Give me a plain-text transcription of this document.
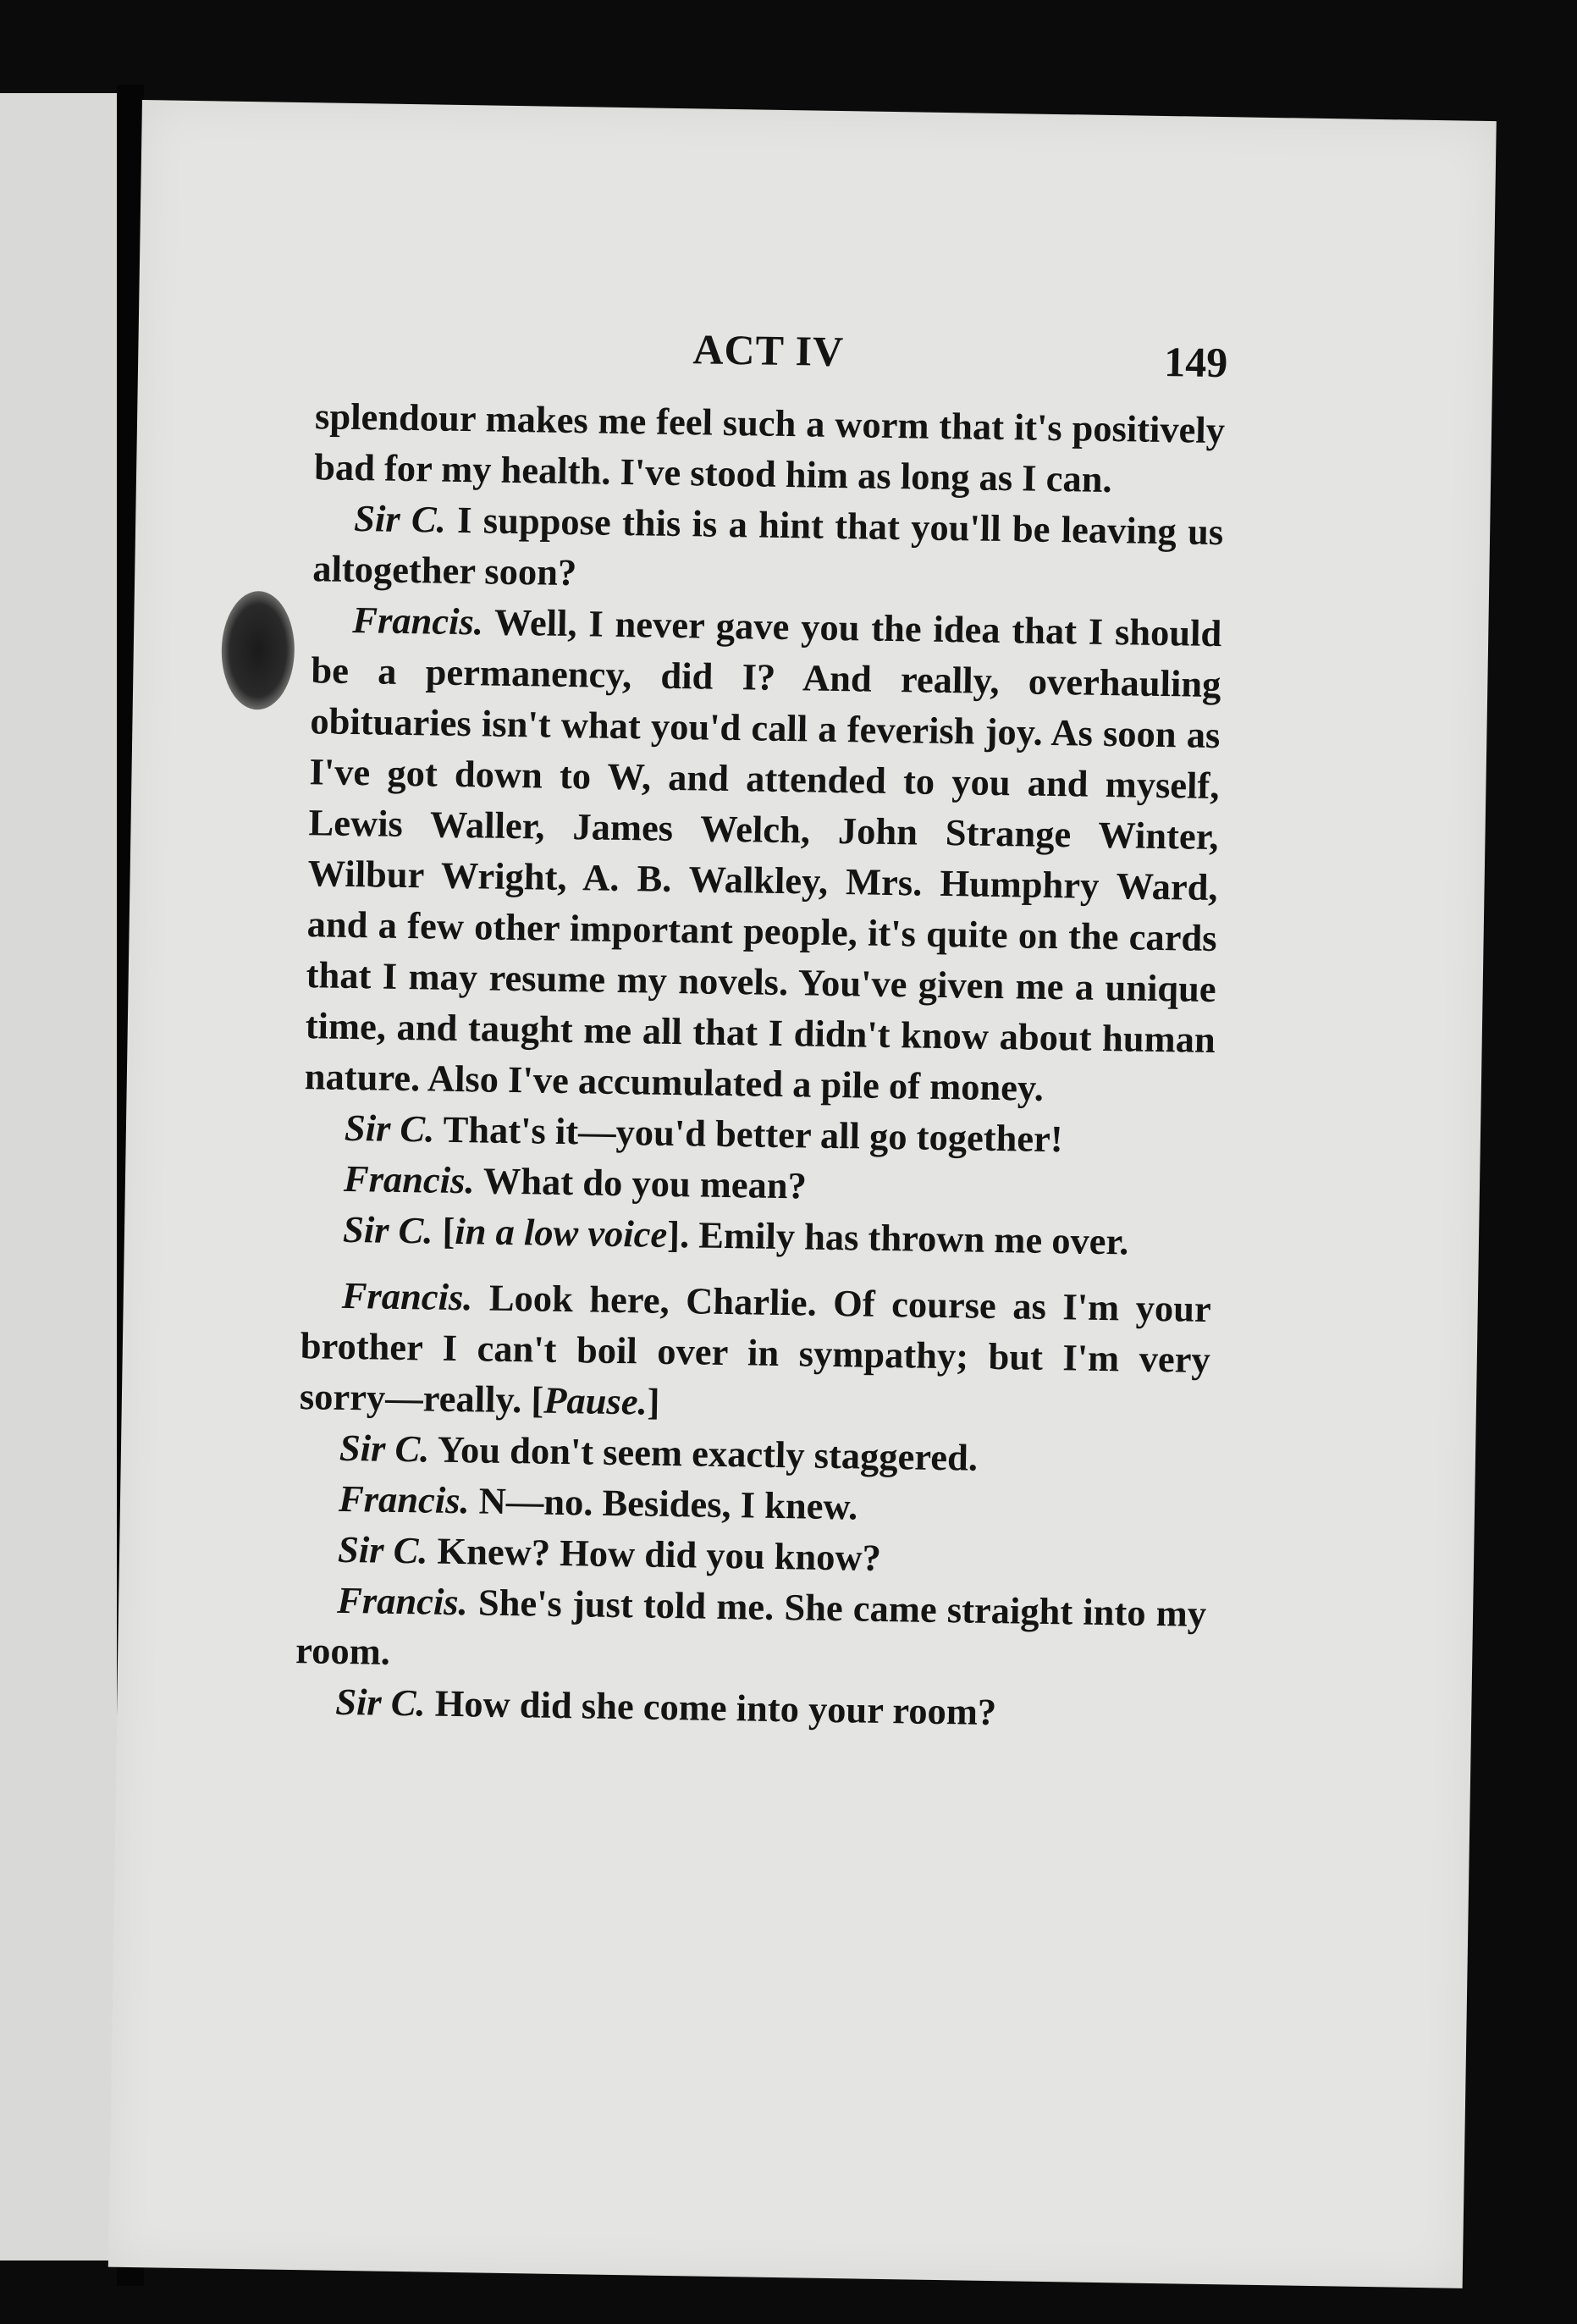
ACT IV	149

splendour makes me feel such a worm that it's positively bad for my health. I've stood him as long as I can.

Sir C. I suppose this is a hint that you'll be leaving us altogether soon?

Francis. Well, I never gave you the idea that I should be a permanency, did I? And really, overhauling obituaries isn't what you'd call a feverish joy. As soon as I've got down to W, and attended to you and myself, Lewis Waller, James Welch, John Strange Winter, Wilbur Wright, A. B. Walkley, Mrs. Humphry Ward, and a few other important people, it's quite on the cards that I may resume my novels. You've given me a unique time, and taught me all that I didn't know about human nature. Also I've accumulated a pile of money.

Sir C. That's it—you'd better all go together!

Francis. What do you mean?

Sir C. [in a low voice]. Emily has thrown me over.

Francis. Look here, Charlie. Of course as I'm your brother I can't boil over in sympathy; but I'm very sorry—really. [Pause.]

Sir C. You don't seem exactly staggered.

Francis. N—no. Besides, I knew.

Sir C. Knew? How did you know?

Francis. She's just told me. She came straight into my room.

Sir C. How did she come into your room?
